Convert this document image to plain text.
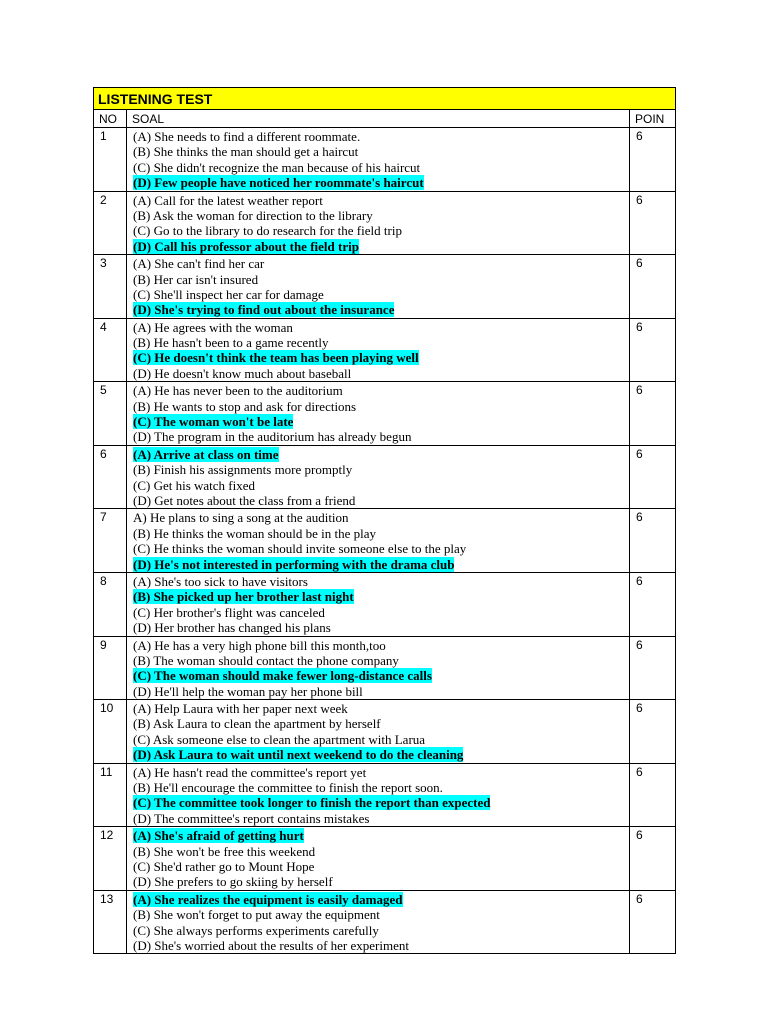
LISTENING TEST		
NO	SOAL	POIN
1	(A) She needs to find a different roommate.
(B) She thinks the man should get a haircut
(C) She didn't recognize the man because of his haircut
(D) Few people have noticed her roommate's haircut	6
2	(A) Call for the latest weather report
(B) Ask the woman for direction to the library
(C) Go to the library to do research for the field trip
(D) Call his professor about the field trip	6
3	(A) She can't find her car
(B) Her car isn't insured
(C) She'll inspect her car for damage
(D) She's trying to find out about the insurance	6
4	(A) He agrees with the woman
(B) He hasn't been to a game recently
(C) He doesn't think the team has been playing well
(D) He doesn't know much about baseball	6
5	(A) He has never been to the auditorium
(B) He wants to stop and ask for directions
(C) The woman won't be late
(D) The program in the auditorium has already begun	6
6	(A) Arrive at class on time
(B) Finish his assignments more promptly
(C) Get his watch fixed
(D) Get notes about the class from a friend	6
7	A) He plans to sing a song at the audition
(B) He thinks the woman should be in the play
(C) He thinks the woman should invite someone else to the play
(D) He's not interested in performing with the drama club	6
8	(A) She's too sick to have visitors
(B) She picked up her brother last night
(C) Her brother's flight was canceled
(D) Her brother has changed his plans	6
9	(A) He has a very high phone bill this month,too
(B) The woman should contact the phone company
(C) The woman should make fewer long-distance calls
(D) He'll help the woman pay her phone bill	6
10	(A) Help Laura with her paper next week
(B) Ask Laura to clean the apartment by herself
(C) Ask someone else to clean the apartment with Larua
(D) Ask Laura to wait until next weekend to do the cleaning	6
11	(A) He hasn't read the committee's report yet
(B) He'll encourage the committee to finish the report soon.
(C) The committee took longer to finish the report than expected
(D) The committee's report contains mistakes	6
12	(A) She's afraid of getting hurt
(B) She won't be free this weekend
(C) She'd rather go to Mount Hope
(D) She prefers to go skiing by herself	6
13	(A) She realizes the equipment is easily damaged
(B) She won't forget to put away the equipment
(C) She always performs experiments carefully
(D) She's worried about the results of her experiment	6
